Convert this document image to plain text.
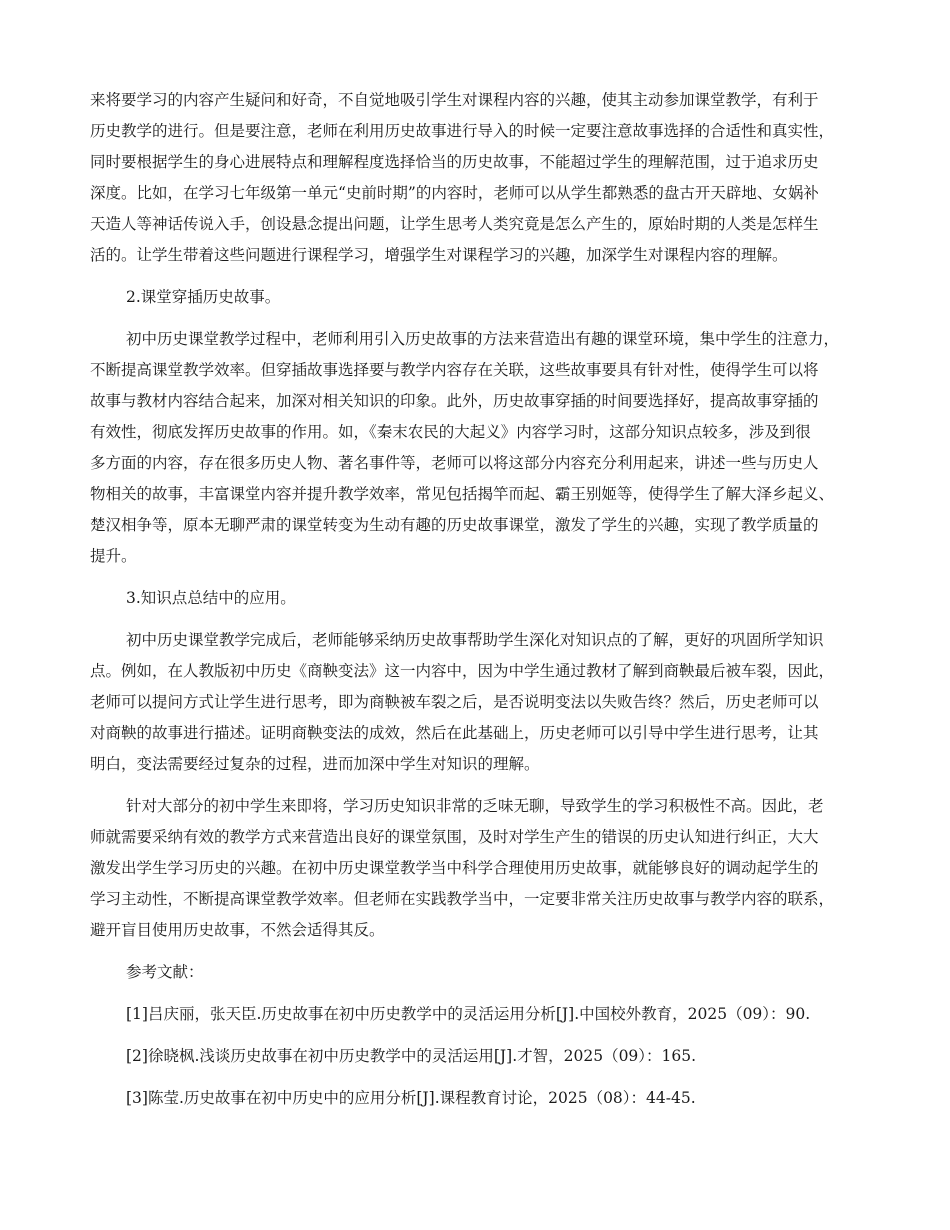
来将要学习的内容产生疑问和好奇，不自觉地吸引学生对课程内容的兴趣，使其主动参加课堂教学，有利于
历史教学的进行。但是要注意，老师在利用历史故事进行导入的时候一定要注意故事选择的合适性和真实性，
同时要根据学生的身心进展特点和理解程度选择恰当的历史故事，不能超过学生的理解范围，过于追求历史
深度。比如，在学习七年级第一单元“史前时期”的内容时，老师可以从学生都熟悉的盘古开天辟地、女娲补
天造人等神话传说入手，创设悬念提出问题，让学生思考人类究竟是怎么产生的，原始时期的人类是怎样生
活的。让学生带着这些问题进行课程学习，增强学生对课程学习的兴趣，加深学生对课程内容的理解。
2.课堂穿插历史故事。
初中历史课堂教学过程中，老师利用引入历史故事的方法来营造出有趣的课堂环境，集中学生的注意力，
不断提高课堂教学效率。但穿插故事选择要与教学内容存在关联，这些故事要具有针对性，使得学生可以将
故事与教材内容结合起来，加深对相关知识的印象。此外，历史故事穿插的时间要选择好，提高故事穿插的
有效性，彻底发挥历史故事的作用。如，《秦末农民的大起义》内容学习时，这部分知识点较多，涉及到很
多方面的内容，存在很多历史人物、著名事件等，老师可以将这部分内容充分利用起来，讲述一些与历史人
物相关的故事，丰富课堂内容并提升教学效率，常见包括揭竿而起、霸王别姬等，使得学生了解大泽乡起义、
楚汉相争等，原本无聊严肃的课堂转变为生动有趣的历史故事课堂，激发了学生的兴趣，实现了教学质量的
提升。
3.知识点总结中的应用。
初中历史课堂教学完成后，老师能够采纳历史故事帮助学生深化对知识点的了解，更好的巩固所学知识
点。例如，在人教版初中历史《商鞅变法》这一内容中，因为中学生通过教材了解到商鞅最后被车裂，因此，
老师可以提问方式让学生进行思考，即为商鞅被车裂之后，是否说明变法以失败告终？然后，历史老师可以
对商鞅的故事进行描述。证明商鞅变法的成效，然后在此基础上，历史老师可以引导中学生进行思考，让其
明白，变法需要经过复杂的过程，进而加深中学生对知识的理解。
针对大部分的初中学生来即将，学习历史知识非常的乏味无聊，导致学生的学习积极性不高。因此，老
师就需要采纳有效的教学方式来营造出良好的课堂氛围，及时对学生产生的错误的历史认知进行纠正，大大
激发出学生学习历史的兴趣。在初中历史课堂教学当中科学合理使用历史故事，就能够良好的调动起学生的
学习主动性，不断提高课堂教学效率。但老师在实践教学当中，一定要非常关注历史故事与教学内容的联系，
避开盲目使用历史故事，不然会适得其反。
参考文献：
[1]吕庆丽，张天臣.历史故事在初中历史教学中的灵活运用分析[J].中国校外教育，2025（09）：90.
[2]徐晓枫.浅谈历史故事在初中历史教学中的灵活运用[J].才智，2025（09）：165.
[3]陈莹.历史故事在初中历史中的应用分析[J].课程教育讨论，2025（08）：44-45.
